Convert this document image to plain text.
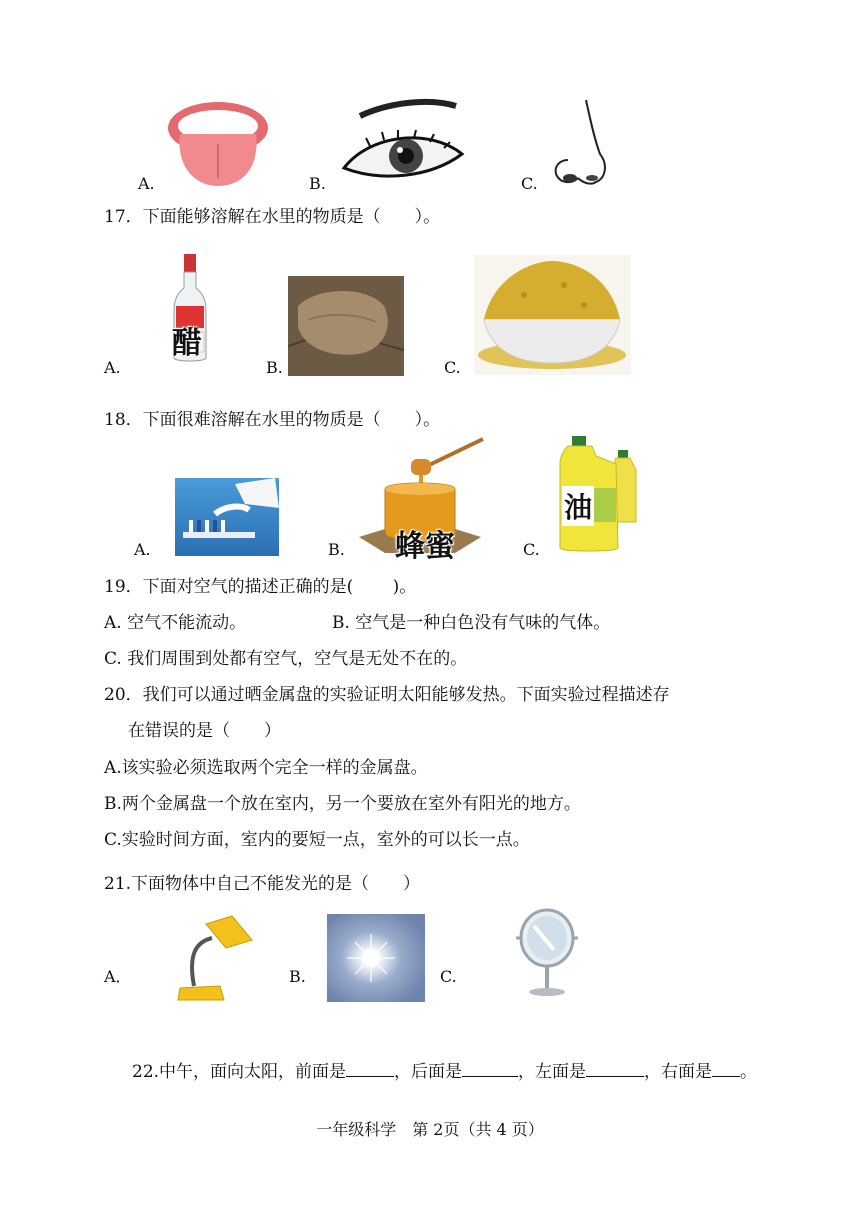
A.	B.	C.
17．下面能够溶解在水里的物质是（　　）。
A.
醋
B.	C.
18．下面很难溶解在水里的物质是（　　）。
A.	B. 蜂蜜	C.
油
19．下面对空气的描述正确的是(　　 )。
A. 空气不能流动。	B. 空气是一种白色没有气味的气体。
C. 我们周围到处都有空气，空气是无处不在的。
20．我们可以通过晒金属盘的实验证明太阳能够发热。下面实验过程描述存
在错误的是（　　）
A.该实验必须选取两个完全一样的金属盘。
B.两个金属盘一个放在室内，另一个要放在室外有阳光的地方。
C.实验时间方面，室内的要短一点，室外的可以长一点。
21.下面物体中自己不能发光的是（　　）
A．	B.	C.
22.中午，面向太阳，前面是	，后面是	，左面是	，右面是 。
一年级科学　第 2页（共 4 页）
